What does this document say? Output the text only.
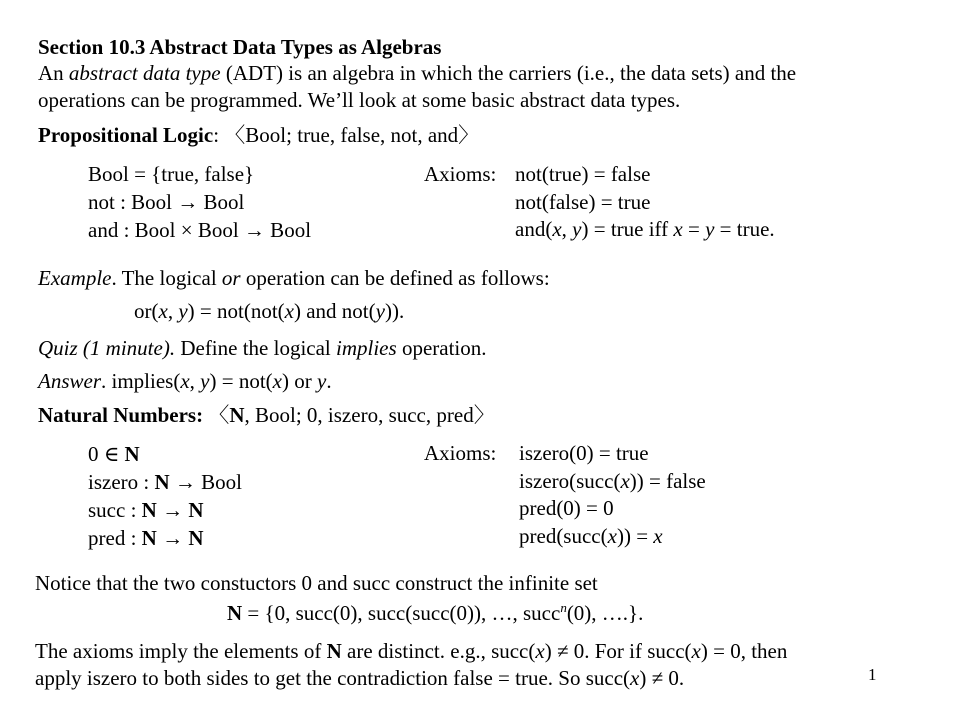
Section 10.3 Abstract Data Types as Algebras
An abstract data type (ADT) is an algebra in which the carriers (i.e., the data sets) and the
operations can be programmed. We’ll look at some basic abstract data types.
Propositional Logic: 〈Bool; true, false, not, and〉
Bool = {true, false}
not : Bool → Bool
and : Bool × Bool → Bool
Axioms: not(true) = false
not(false) = true
and(x, y) = true iff x = y = true.
Example. The logical or operation can be defined as follows:
or(x, y) = not(not(x) and not(y)).
Quiz (1 minute). Define the logical implies operation.
Answer. implies(x, y) = not(x) or y.
Natural Numbers: 〈N, Bool; 0, iszero, succ, pred〉
0 ∈ N
iszero : N → Bool
succ : N → N
pred : N → N
Axioms: iszero(0) = true
iszero(succ(x)) = false
pred(0) = 0
pred(succ(x)) = x
Notice that the two constuctors 0 and succ construct the infinite set
N = {0, succ(0), succ(succ(0)), …, succ$^n$(0), ….}.
The axioms imply the elements of N are distinct. e.g., succ(x) ≠ 0. For if succ(x) = 0, then
apply iszero to both sides to get the contradiction false = true. So succ(x) ≠ 0.	1
